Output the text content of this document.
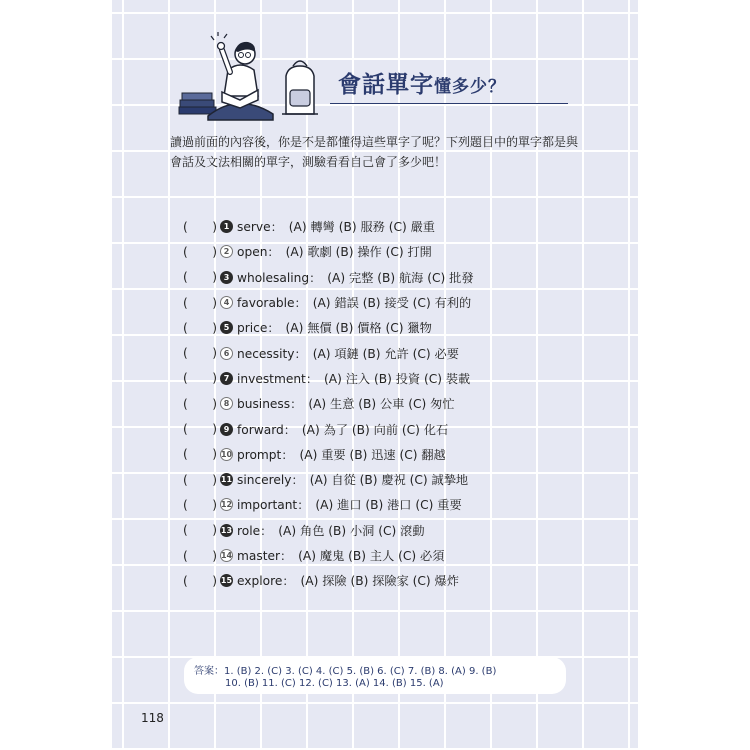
會話單字懂多少？
讀過前面的內容後，你是不是都懂得這些單字了呢？下列題目中的單字都是與
會話及文法相關的單字，測驗看看自己會了多少吧！
( ) 1 serve： (A) 轉彎 (B) 服務 (C) 嚴重
( ) 2 open： (A) 歌劇 (B) 操作 (C) 打開
( ) 3 wholesaling： (A) 完整 (B) 航海 (C) 批發
( ) 4 favorable： (A) 錯誤 (B) 接受 (C) 有利的
( ) 5 price： (A) 無價 (B) 價格 (C) 獵物
( ) 6 necessity： (A) 項鏈 (B) 允許 (C) 必要
( ) 7 investment： (A) 注入 (B) 投資 (C) 裝載
( ) 8 business： (A) 生意 (B) 公車 (C) 匆忙
( ) 9 forward： (A) 為了 (B) 向前 (C) 化石
( ) 10 prompt： (A) 重要 (B) 迅速 (C) 翻越
( ) 11 sincerely： (A) 自從 (B) 慶祝 (C) 誠摯地
( ) 12 important： (A) 進口 (B) 港口 (C) 重要
( ) 13 role： (A) 角色 (B) 小洞 (C) 滾動
( ) 14 master： (A) 魔鬼 (B) 主人 (C) 必須
( ) 15 explore： (A) 探險 (B) 探險家 (C) 爆炸
答案：1. (B) 2. (C) 3. (C) 4. (C) 5. (B) 6. (C) 7. (B) 8. (A) 9. (B)
10. (B) 11. (C) 12. (C) 13. (A) 14. (B) 15. (A)
118
